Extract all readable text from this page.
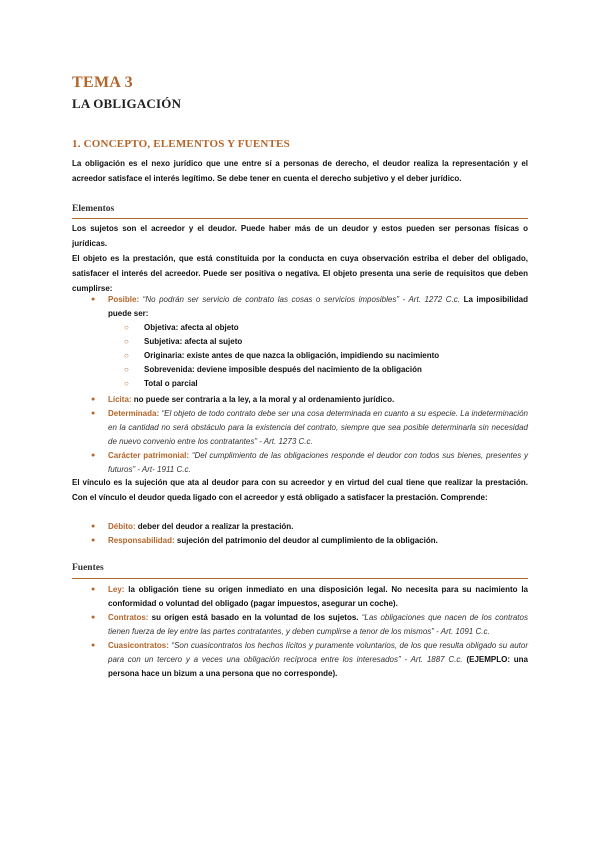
TEMA 3
LA OBLIGACIÓN
1. CONCEPTO, ELEMENTOS Y FUENTES

La obligación es el nexo jurídico que une entre sí a personas de derecho, el deudor realiza la representación y el acreedor satisface el interés legítimo. Se debe tener en cuenta el derecho subjetivo y el deber jurídico.

Elementos

Los sujetos son el acreedor y el deudor. Puede haber más de un deudor y estos pueden ser personas físicas o jurídicas.

El objeto es la prestación, que está constituida por la conducta en cuya observación estriba el deber del obligado, satisfacer el interés del acreedor. Puede ser positiva o negativa. El objeto presenta una serie de requisitos que deben cumplirse:

● Posible: “No podrán ser servicio de contrato las cosas o servicios imposibles” - Art. 1272 C.c. La imposibilidad puede ser:
○ Objetiva: afecta al objeto
○ Subjetiva: afecta al sujeto
○ Originaria: existe antes de que nazca la obligación, impidiendo su nacimiento
○ Sobrevenida: deviene imposible después del nacimiento de la obligación
○ Total o parcial
● Lícita: no puede ser contraria a la ley, a la moral y al ordenamiento jurídico.
● Determinada: “El objeto de todo contrato debe ser una cosa determinada en cuanto a su especie. La indeterminación en la cantidad no será obstáculo para la existencia del contrato, siempre que sea posible determinarla sin necesidad de nuevo convenio entre los contratantes” - Art. 1273 C.c.
● Carácter patrimonial: “Del cumplimiento de las obligaciones responde el deudor con todos sus bienes, presentes y futuros” - Art- 1911 C.c.

El vínculo es la sujeción que ata al deudor para con su acreedor y en virtud del cual tiene que realizar la prestación. Con el vínculo el deudor queda ligado con el acreedor y está obligado a satisfacer la prestación. Comprende:

● Débito: deber del deudor a realizar la prestación.
● Responsabilidad: sujeción del patrimonio del deudor al cumplimiento de la obligación.
Fuentes
● Ley: la obligación tiene su origen inmediato en una disposición legal. No necesita para su nacimiento la conformidad o voluntad del obligado (pagar impuestos, asegurar un coche).
● Contratos: su origen está basado en la voluntad de los sujetos. “Las obligaciones que nacen de los contratos tienen fuerza de ley entre las partes contratantes, y deben cumplirse a tenor de los mismos” - Art. 1091 C.c.
● Cuasicontratos: “Son cuasicontratos los hechos lícitos y puramente voluntarios, de los que resulta obligado su autor para con un tercero y a veces una obligación recíproca entre los interesados” - Art. 1887 C.c. (EJEMPLO: una persona hace un bizum a una persona que no corresponde).
